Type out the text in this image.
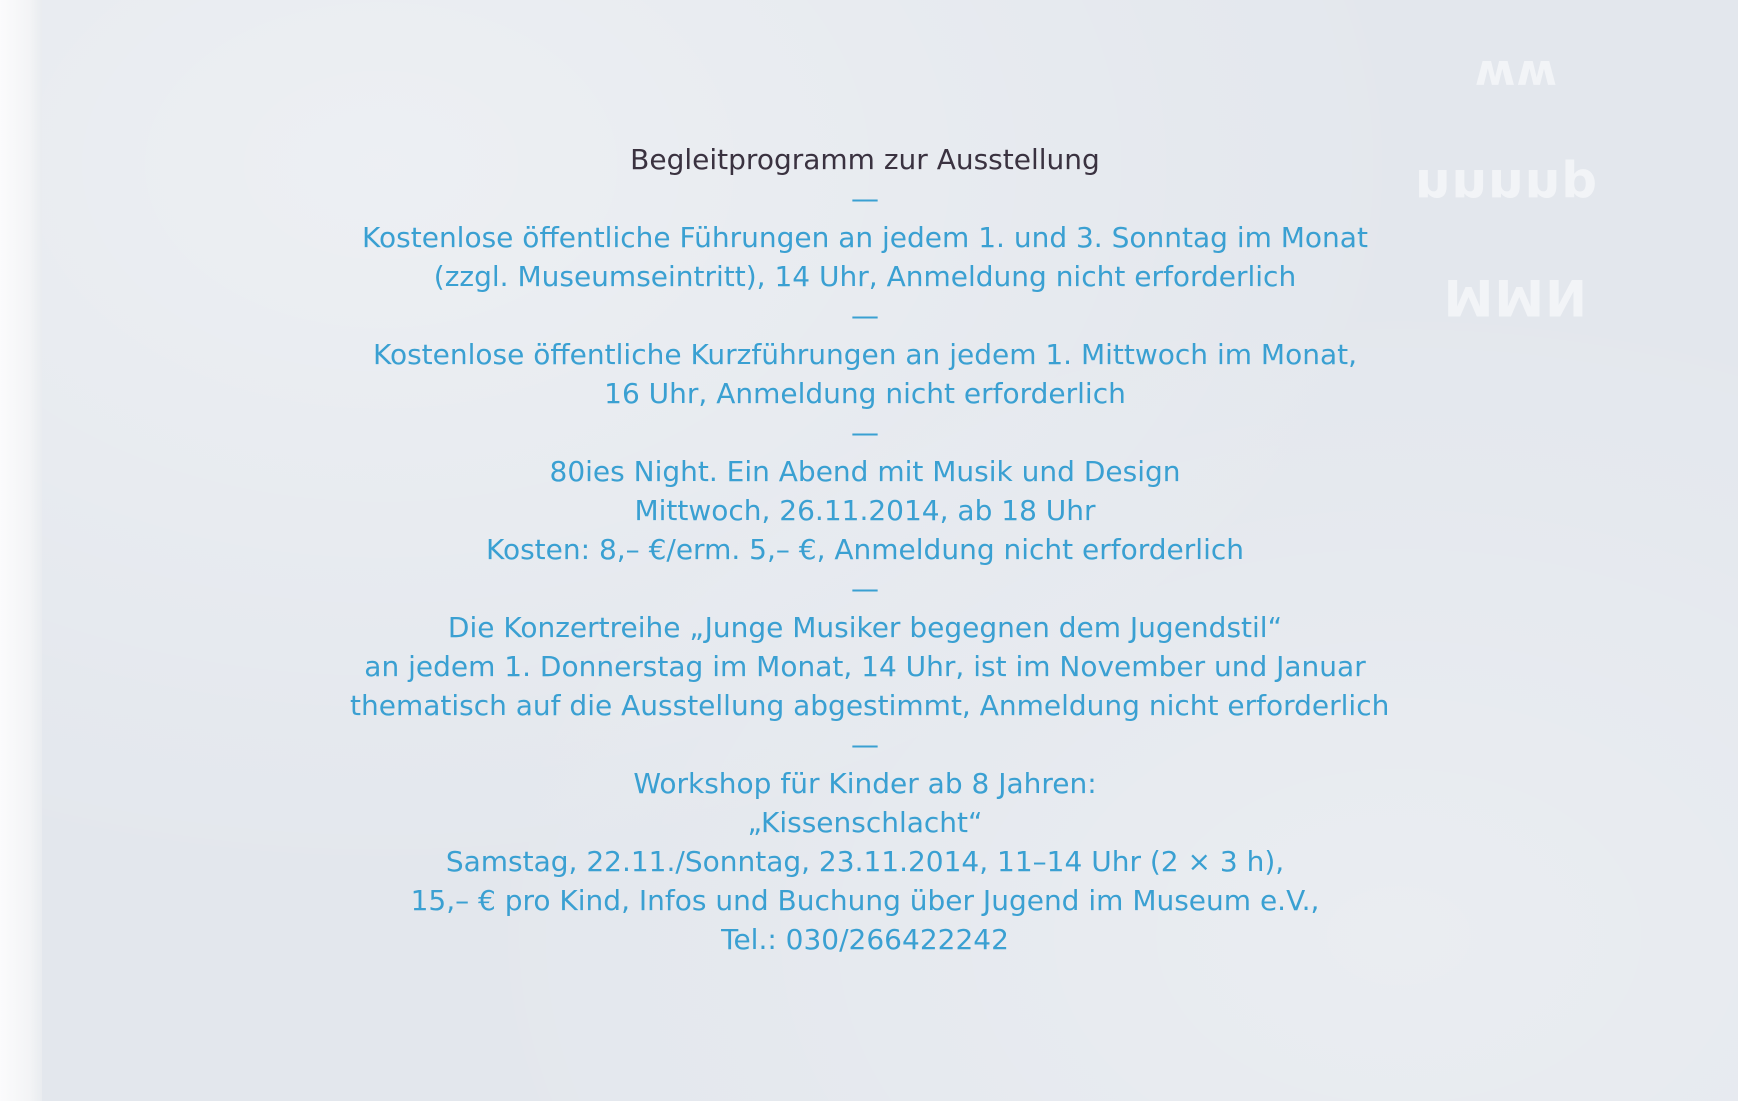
ww
nnnnp
MMN
Begleitprogramm zur Ausstellung
—
Kostenlose öffentliche Führungen an jedem 1. und 3. Sonntag im Monat
(zzgl. Museumseintritt), 14 Uhr, Anmeldung nicht erforderlich
—
Kostenlose öffentliche Kurzführungen an jedem 1. Mittwoch im Monat,
16 Uhr, Anmeldung nicht erforderlich
—
80ies Night. Ein Abend mit Musik und Design
Mittwoch, 26.11.2014, ab 18 Uhr
Kosten: 8,– €/erm. 5,– €, Anmeldung nicht erforderlich
—
Die Konzertreihe „Junge Musiker begegnen dem Jugendstil“
an jedem 1. Donnerstag im Monat, 14 Uhr, ist im November und Januar
thematisch auf die Ausstellung abgestimmt, Anmeldung nicht erforderlich
—
Workshop für Kinder ab 8 Jahren:
„Kissenschlacht“
Samstag, 22.11./Sonntag, 23.11.2014, 11–14 Uhr (2 × 3 h),
15,– € pro Kind, Infos und Buchung über Jugend im Museum e.V.,
Tel.: 030/266422242
